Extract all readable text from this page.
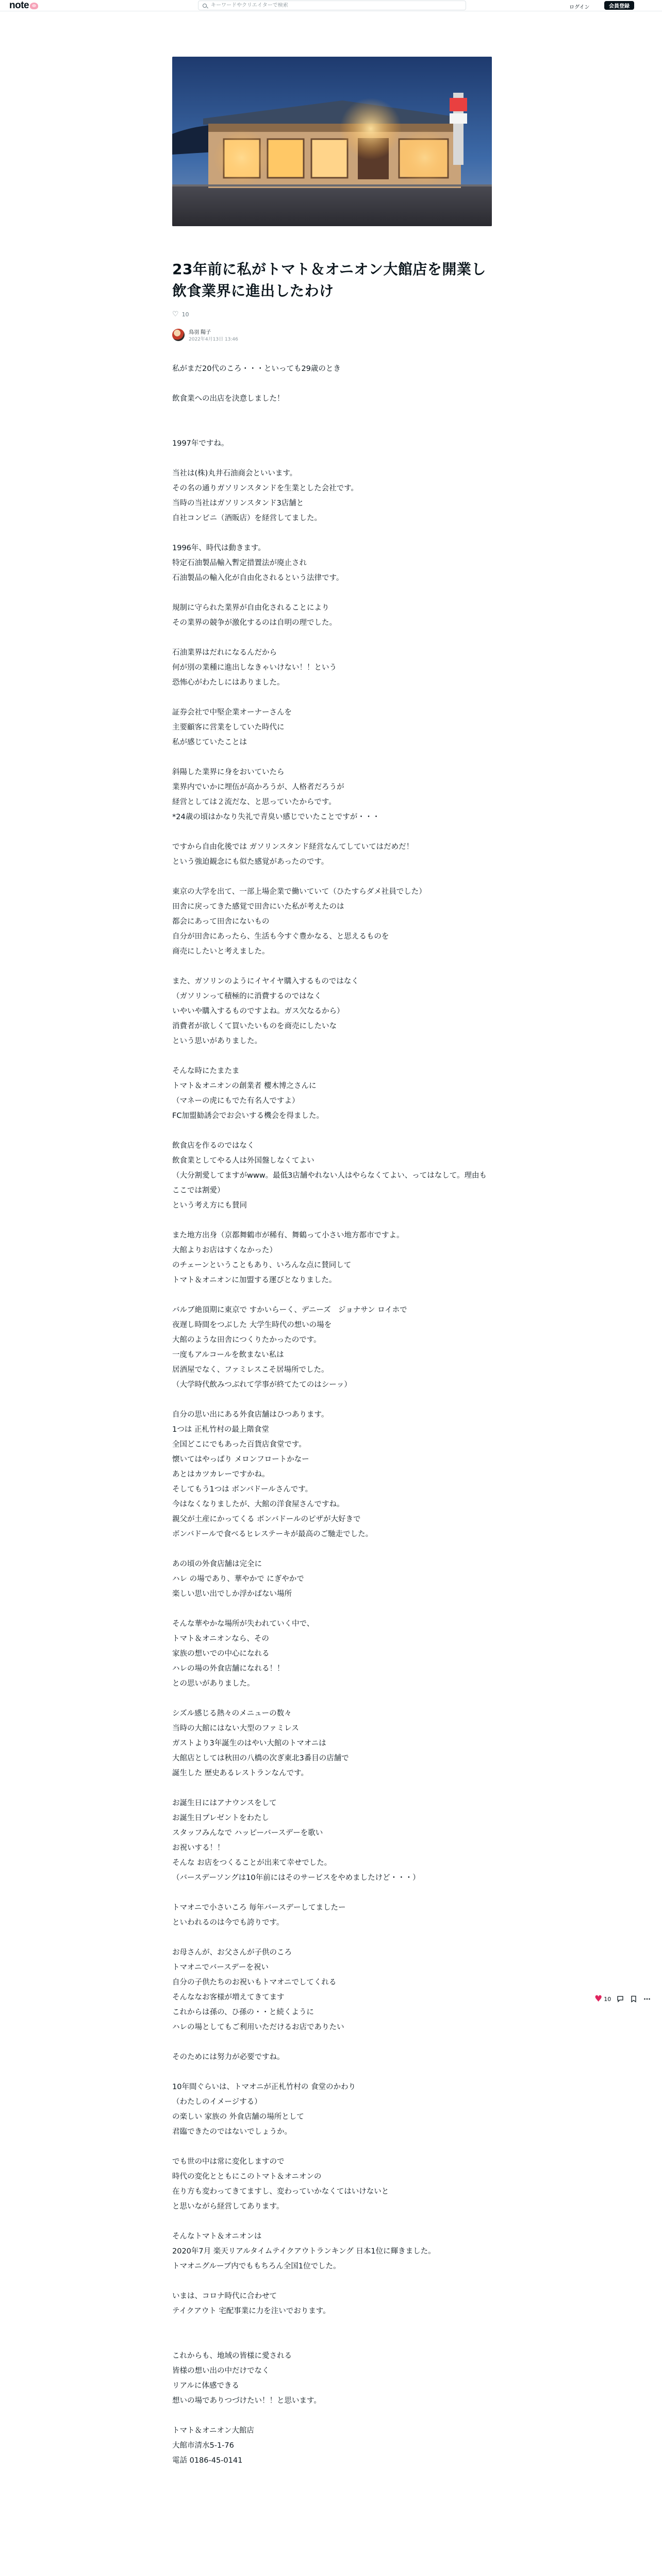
note
キーワードやクリエイターで検索	ログイン	会員登録
23年前に私がトマト＆オニオン大館店を開業し飲食業界に進出したわけ
♡ 10
鳥羽 陽子
2022年4月13日 13:46

私がまだ20代のころ・・・といっても29歳のとき

飲食業への出店を決意しました！

1997年ですね。

当社は(株)丸井石油商会といいます。
その名の通りガソリンスタンドを生業とした会社です。
当時の当社はガソリンスタンド3店舗と
自社コンビニ（酒販店）を経営してました。

1996年、時代は動きます。
特定石油製品輸入暫定措置法が廃止され
石油製品の輸入化が自由化されるという法律です。

規制に守られた業界が自由化されることにより
その業界の競争が激化するのは自明の理でした。

石油業界はだれになるんだから
何が別の業種に進出しなきゃいけない！！という
恐怖心がわたしにはありました。

証券会社で中堅企業オーナーさんを
主要顧客に営業をしていた時代に
私が感じていたことは

斜陽した業界に身をおいていたら
業界内でいかに埋伍が高かろうが、人格者だろうが
経営としては２流だな、と思っていたからです。
*24歳の頃はかなり失礼で青臭い感じでいたことですが・・・

ですから自由化後では ガソリンスタンド経営なんてしていてはだめだ！
という強迫観念にも似た感覚があったのです。

東京の大学を出て、一部上場企業で働いていて（ひたすらダメ社員でした）
田舎に戻ってきた感覚で田舎にいた私が考えたのは
都会にあって田舎にないもの
自分が田舎にあったら、生活も今すぐ豊かなる、と思えるものを
商売にしたいと考えました。

また、ガソリンのようにイヤイヤ購入するものではなく
（ガソリンって積極的に消費するのではなく
いやいや購入するものですよね。ガス欠なるから）
消費者が欲しくて買いたいものを商売にしたいな
という思いがありました。

そんな時にたまたま
トマト＆オニオンの創業者 櫻木博之さんに
（マネーの虎にもでた有名人ですよ）
FC加盟勧誘会でお会いする機会を得ました。

飲食店を作るのではなく
飲食業としてやる人は外国盤しなくてよい
（大分割愛してますがwww。最低3店舗やれない人はやらなくてよい、ってはなして。理由もここでは割愛）
という考え方にも賛同

また地方出身（京都舞鶴市が稀有、舞鶴って小さい地方都市ですよ。
大館よりお店はすくなかった）
のチェーンということもあり、いろんな点に賛同して
トマト＆オニオンに加盟する運びとなりました。

バルブ絶頂期に東京で すかいらーく、デニーズ　ジョナサン ロイホで
夜遅し時間をつぶした 大学生時代の想いの場を
大館のような田舎につくりたかったのです。
一度もアルコールを飲まない私は
居酒屋でなく、ファミレスこそ居場所でした。
（大学時代飲みつぶれて学事が終てたてのはシーッ）

自分の思い出にある外食店舗はひつあります。
1つは 正札竹村の最上階食堂
全国どこにでもあった百貨店食堂です。
懐いてはやっぱり メロンフロートかなー
あとはカツカレーですかね。
そしてもう1つは ボンバドールさんです。
今はなくなりましたが、大館の洋食屋さんですね。
親父が土産にかってくる ボンバドールのピザが大好きで
ボンバドールで食べるヒレステーキが最高のご馳走でした。

あの頃の外食店舗は完全に
ハレ の場であり、華やかで にぎやかで
楽しい思い出でしか浮かばない場所

そんな華やかな場所が失われていく中で、
トマト＆オニオンなら、その
家族の想いでの中心になれる
ハレの場の外食店舗になれる！！
との思いがありました。

シズル感じる熱々のメニューの数々
当時の大館にはない大型のファミレス
ガストより3年誕生のはやい大館のトマオニは
大館店としては秋田の八橋の次ぎ東北3番目の店舗で
誕生した 歴史あるレストランなんです。

お誕生日にはアナウンスをして
お誕生日プレゼントをわたし
スタッフみんなで ハッピーバースデーを歌い
お祝いする！！
そんな お店をつくることが出来て幸せでした。
（バースデーソングは10年前にはそのサービスをやめましたけど・・・）

トマオニで小さいころ 毎年バースデーしてましたー
といわれるのは今でも誇りです。

お母さんが、お父さんが子供のころ
トマオニでバースデーを祝い
自分の子供たちのお祝いもトマオニでしてくれる
そんななお客様が増えてきてます
これからは孫の、ひ孫の・・と続くように
ハレの場としてもご利用いただけるお店でありたい

そのためには努力が必要ですね。

10年間ぐらいは、トマオニが正札竹村の 食堂のかわり
（わたしのイメージする）
の楽しい 家族の 外食店舗の場所として
君臨できたのではないでしょうか。

でも世の中は常に変化しますので
時代の変化とともにこのトマト＆オニオンの
在り方も変わってきてますし、変わっていかなくてはいけないと
と思いながら経営してあります。

そんなトマト＆オニオンは
2020年7月 楽天リアルタイムテイクアウトランキング 日本1位に輝きました。
トマオニグループ内でももちろん全国1位でした。

いまは、コロナ時代に合わせて
テイクアウト 宅配事業に力を注いでおります。

これからも、地域の皆様に愛される
皆様の想い出の中だけでなく
リアルに体感できる
想いの場でありつづけたい！！と思います。

トマト＆オニオン大館店
大館市清水5-1-76
電話 0186-45-0141

♥ 10
